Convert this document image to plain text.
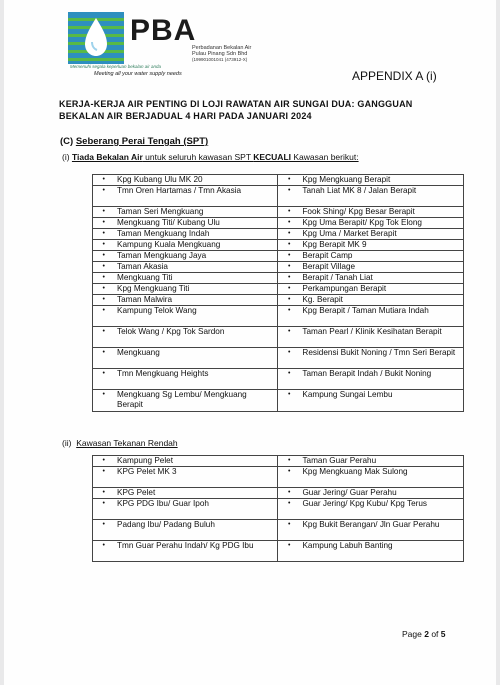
PBA
Perbadanan Bekalan Air
Pulau Pinang Sdn Bhd
(199901001041 (473912-X)
Memenuhi segala keperluan bekalan air anda
Meeting all your water supply needs	APPENDIX A (i)
KERJA-KERJA AIR PENTING DI LOJI RAWATAN AIR SUNGAI DUA: GANGGUAN BEKALAN AIR BERJADUAL 4 HARI PADA JANUARI 2024
(C) Seberang Perai Tengah (SPT)
(i) Tiada Bekalan Air untuk seluruh kawasan SPT KECUALI Kawasan berikut:
• Kpg Kubang Ulu MK 20	• Kpg Mengkuang Berapit

• Tmn Oren Hartamas / Tmn Akasia	• Tanah Liat MK 8 / Jalan Berapit

• Taman Seri Mengkuang	• Fook Shing/ Kpg Besar Berapit

• Mengkuang Titi/ Kubang Ulu	• Kpg Uma Berapit/ Kpg Tok Elong

• Taman Mengkuang Indah	• Kpg Uma / Market Berapit

• Kampung Kuala Mengkuang	• Kpg Berapit MK 9

• Taman Mengkuang Jaya	• Berapit Camp

• Taman Akasia	• Berapit Village

• Mengkuang Titi	• Berapit / Tanah Liat

• Kpg Mengkuang Titi	• Perkampungan Berapit

• Taman Malwira	• Kg. Berapit

• Kampung Telok Wang	• Kpg Berapit / Taman Mutiara Indah

• Telok Wang / Kpg Tok Sardon	• Taman Pearl / Klinik Kesihatan Berapit

• Mengkuang	• Residensi Bukit Noning / Tmn Seri Berapit

• Tmn Mengkuang Heights	• Taman Berapit Indah / Bukit Noning

• Mengkuang Sg Lembu/ Mengkuang Berapit	• Kampung Sungai Lembu
(ii) Kawasan Tekanan Rendah
• Kampung Pelet	• Taman Guar Perahu

• KPG Pelet MK 3	• Kpg Mengkuang Mak Sulong

• KPG Pelet	• Guar Jering/ Guar Perahu

• KPG PDG Ibu/ Guar Ipoh	• Guar Jering/ Kpg Kubu/ Kpg Terus

• Padang Ibu/ Padang Buluh	• Kpg Bukit Berangan/ Jln Guar Perahu

• Tmn Guar Perahu Indah/ Kg PDG Ibu	• Kampung Labuh Banting
Page 2 of 5
